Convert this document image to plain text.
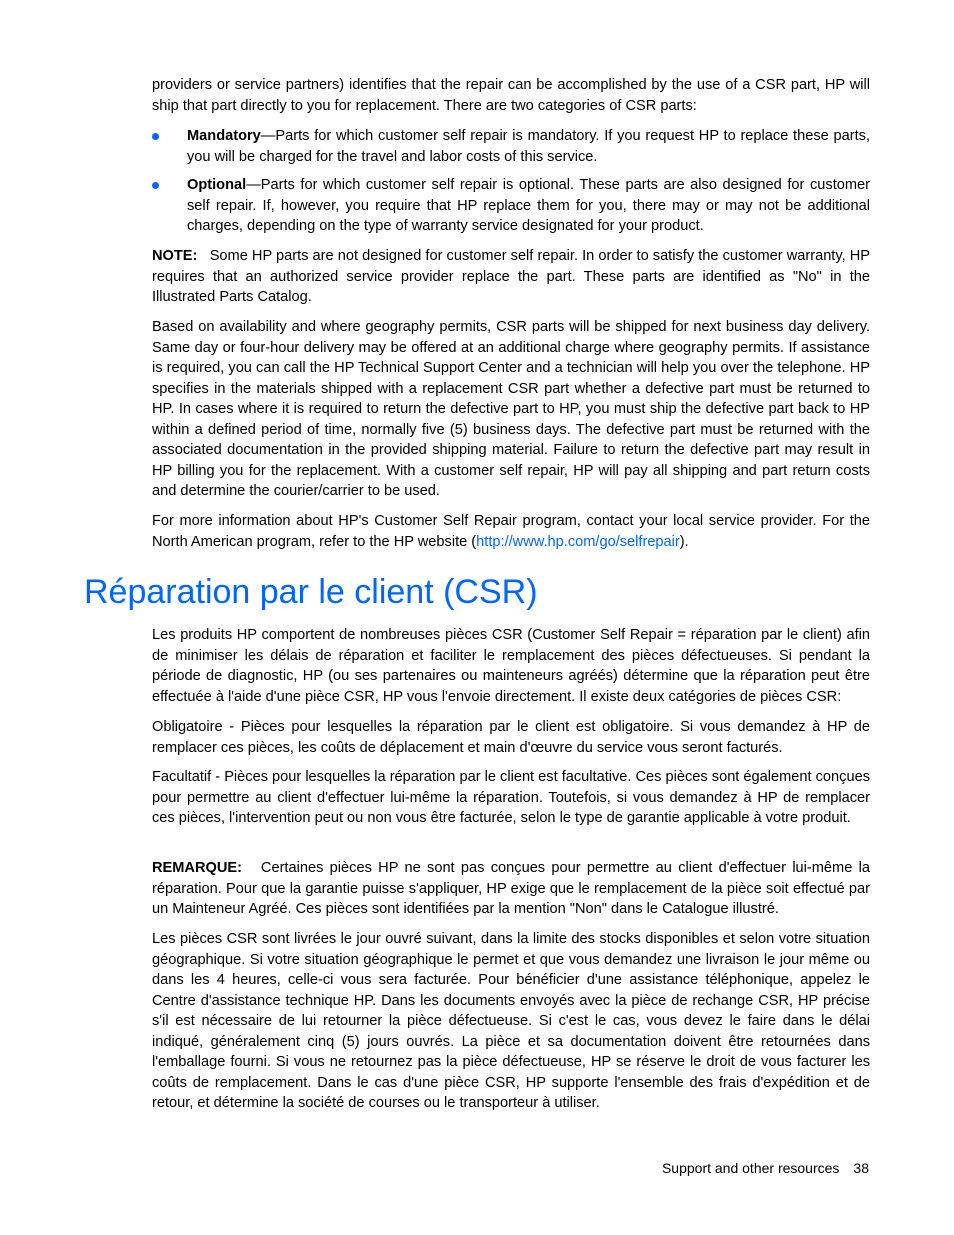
providers or service partners) identifies that the repair can be accomplished by the use of a CSR part, HP will ship that part directly to you for replacement. There are two categories of CSR parts:

Mandatory—Parts for which customer self repair is mandatory. If you request HP to replace these parts, you will be charged for the travel and labor costs of this service.
Optional—Parts for which customer self repair is optional. These parts are also designed for customer self repair. If, however, you require that HP replace them for you, there may or may not be additional charges, depending on the type of warranty service designated for your product.

NOTE: Some HP parts are not designed for customer self repair. In order to satisfy the customer warranty, HP requires that an authorized service provider replace the part. These parts are identified as "No" in the Illustrated Parts Catalog.

Based on availability and where geography permits, CSR parts will be shipped for next business day delivery. Same day or four-hour delivery may be offered at an additional charge where geography permits. If assistance is required, you can call the HP Technical Support Center and a technician will help you over the telephone. HP specifies in the materials shipped with a replacement CSR part whether a defective part must be returned to HP. In cases where it is required to return the defective part to HP, you must ship the defective part back to HP within a defined period of time, normally five (5) business days. The defective part must be returned with the associated documentation in the provided shipping material. Failure to return the defective part may result in HP billing you for the replacement. With a customer self repair, HP will pay all shipping and part return costs and determine the courier/carrier to be used.

For more information about HP's Customer Self Repair program, contact your local service provider. For the North American program, refer to the HP website (http://www.hp.com/go/selfrepair).

Réparation par le client (CSR)

Les produits HP comportent de nombreuses pièces CSR (Customer Self Repair = réparation par le client) afin de minimiser les délais de réparation et faciliter le remplacement des pièces défectueuses. Si pendant la période de diagnostic, HP (ou ses partenaires ou mainteneurs agréés) détermine que la réparation peut être effectuée à l'aide d'une pièce CSR, HP vous l'envoie directement. Il existe deux catégories de pièces CSR:

Obligatoire - Pièces pour lesquelles la réparation par le client est obligatoire. Si vous demandez à HP de remplacer ces pièces, les coûts de déplacement et main d'œuvre du service vous seront facturés.

Facultatif - Pièces pour lesquelles la réparation par le client est facultative. Ces pièces sont également conçues pour permettre au client d'effectuer lui-même la réparation. Toutefois, si vous demandez à HP de remplacer ces pièces, l'intervention peut ou non vous être facturée, selon le type de garantie applicable à votre produit.

REMARQUE: Certaines pièces HP ne sont pas conçues pour permettre au client d'effectuer lui-même la réparation. Pour que la garantie puisse s'appliquer, HP exige que le remplacement de la pièce soit effectué par un Mainteneur Agréé. Ces pièces sont identifiées par la mention "Non" dans le Catalogue illustré.

Les pièces CSR sont livrées le jour ouvré suivant, dans la limite des stocks disponibles et selon votre situation géographique. Si votre situation géographique le permet et que vous demandez une livraison le jour même ou dans les 4 heures, celle-ci vous sera facturée. Pour bénéficier d'une assistance téléphonique, appelez le Centre d'assistance technique HP. Dans les documents envoyés avec la pièce de rechange CSR, HP précise s'il est nécessaire de lui retourner la pièce défectueuse. Si c'est le cas, vous devez le faire dans le délai indiqué, généralement cinq (5) jours ouvrés. La pièce et sa documentation doivent être retournées dans l'emballage fourni. Si vous ne retournez pas la pièce défectueuse, HP se réserve le droit de vous facturer les coûts de remplacement. Dans le cas d'une pièce CSR, HP supporte l'ensemble des frais d'expédition et de retour, et détermine la société de courses ou le transporteur à utiliser.

Support and other resources 38
